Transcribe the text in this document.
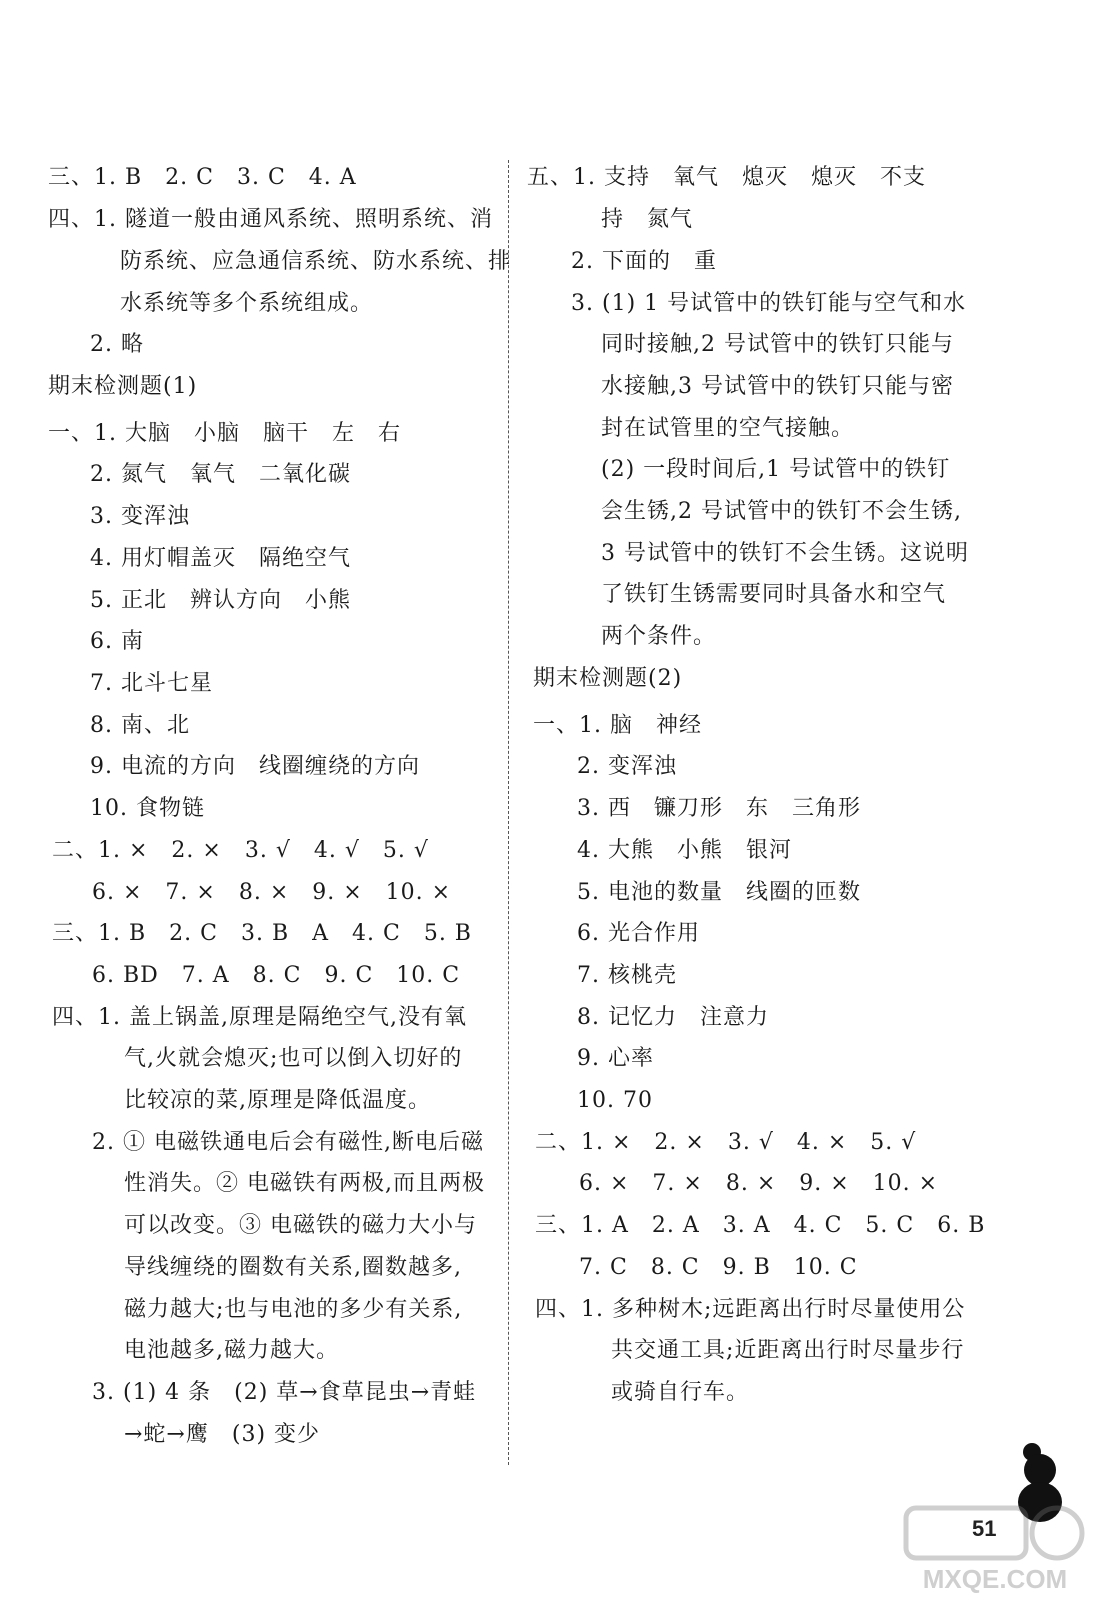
三、1. B　2. C　3. C　4. A
四、1. 隧道一般由通风系统、照明系统、消
防系统、应急通信系统、防水系统、排
水系统等多个系统组成。
2. 略
期末检测题(1)
一、1. 大脑　小脑　脑干　左　右
2. 氮气　氧气　二氧化碳
3. 变浑浊
4. 用灯帽盖灭　隔绝空气
5. 正北　辨认方向　小熊
6. 南
7. 北斗七星
8. 南、北
9. 电流的方向　线圈缠绕的方向
10. 食物链
二、1. ×　2. ×　3. √　4. √　5. √
6. ×　7. ×　8. ×　9. ×　10. ×
三、1. B　2. C　3. B　A　4. C　5. B
6. BD　7. A　8. C　9. C　10. C
四、1. 盖上锅盖,原理是隔绝空气,没有氧
气,火就会熄灭;也可以倒入切好的
比较凉的菜,原理是降低温度。
2. ① 电磁铁通电后会有磁性,断电后磁
性消失。② 电磁铁有两极,而且两极
可以改变。③ 电磁铁的磁力大小与
导线缠绕的圈数有关系,圈数越多,
磁力越大;也与电池的多少有关系,
电池越多,磁力越大。
3. (1) 4 条　(2) 草→食草昆虫→青蛙
→蛇→鹰　(3) 变少
五、1. 支持　氧气　熄灭　熄灭　不支
持　氮气
2. 下面的　重
3. (1) 1 号试管中的铁钉能与空气和水
同时接触,2 号试管中的铁钉只能与
水接触,3 号试管中的铁钉只能与密
封在试管里的空气接触。
(2) 一段时间后,1 号试管中的铁钉
会生锈,2 号试管中的铁钉不会生锈,
3 号试管中的铁钉不会生锈。这说明
了铁钉生锈需要同时具备水和空气
两个条件。
期末检测题(2)
一、1. 脑　神经
2. 变浑浊
3. 西　镰刀形　东　三角形
4. 大熊　小熊　银河
5. 电池的数量　线圈的匝数
6. 光合作用
7. 核桃壳
8. 记忆力　注意力
9. 心率
10. 70
二、1. ×　2. ×　3. √　4. ×　5. √
6. ×　7. ×　8. ×　9. ×　10. ×
三、1. A　2. A　3. A　4. C　5. C　6. B
7. C　8. C　9. B　10. C
四、1. 多种树木;远距离出行时尽量使用公
共交通工具;近距离出行时尽量步行
或骑自行车。
MXQE.COM
51
